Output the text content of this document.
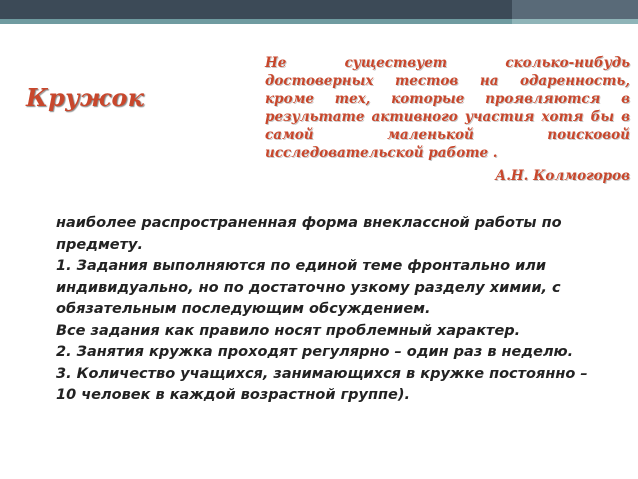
Кружок
Не существует сколько-нибудь достоверных тестов на одаренность, кроме тех, которые проявляются в результате активного участия хотя бы в самой маленькой поисковой исследовательской работе .
А.Н. Колмогоров

наиболее распространенная форма внеклассной работы по предмету.

1. Задания выполняются по единой теме фронтально или индивидуально, но по достаточно узкому разделу химии, с обязательным последующим обсуждением.

Все задания как правило носят проблемный характер.

2. Занятия кружка проходят регулярно – один раз в неделю.

3. Количество учащихся, занимающихся в кружке постоянно – 10 человек в каждой возрастной группе).
